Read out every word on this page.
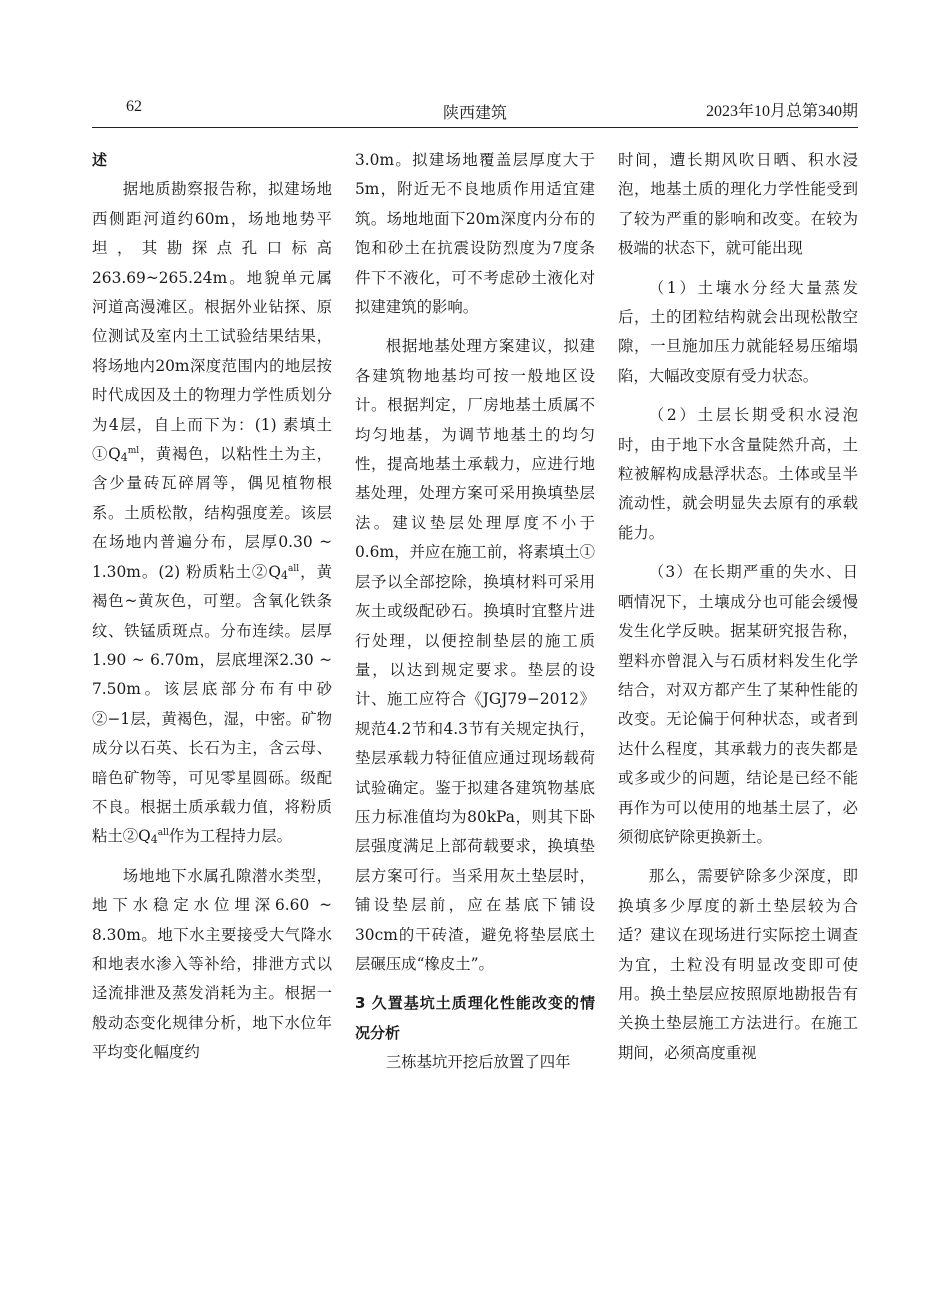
62	陕西建筑	2023年10月总第340期

述

据地质勘察报告称，拟建场地西侧距河道约60m，场地地势平坦，其勘探点孔口标高263.69~265.24m。地貌单元属河道高漫滩区。根据外业钻探、原位测试及室内土工试验结果结果，将场地内20m深度范围内的地层按时代成因及土的物理力学性质划分为4层，自上而下为：(1) 素填土$①Q_4^{ml}$，黄褐色，以粘性土为主，含少量砖瓦碎屑等，偶见植物根系。土质松散，结构强度差。该层在场地内普遍分布，层厚0.30 ~ 1.30m。(2) 粉质粘土$②Q_4^{all}$，黄褐色~黄灰色，可塑。含氧化铁条纹、铁锰质斑点。分布连续。层厚1.90 ~ 6.70m，层底埋深2.30 ~ 7.50m。该层底部分布有中砂②−1层，黄褐色，湿，中密。矿物成分以石英、长石为主，含云母、暗色矿物等，可见零星圆砾。级配不良。根据土质承载力值，将粉质粘土$②Q_4^{all}$作为工程持力层。

场地地下水属孔隙潜水类型，地下水稳定水位埋深6.60 ~ 8.30m。地下水主要接受大气降水和地表水渗入等补给，排泄方式以迳流排泄及蒸发消耗为主。根据一般动态变化规律分析，地下水位年平均变化幅度约

3.0m。拟建场地覆盖层厚度大于5m，附近无不良地质作用适宜建筑。场地地面下20m深度内分布的饱和砂土在抗震设防烈度为7度条件下不液化，可不考虑砂土液化对拟建建筑的影响。

根据地基处理方案建议，拟建各建筑物地基均可按一般地区设计。根据判定，厂房地基土质属不均匀地基，为调节地基土的均匀性，提高地基土承载力，应进行地基处理，处理方案可采用换填垫层法。建议垫层处理厚度不小于0.6m，并应在施工前，将素填土①层予以全部挖除，换填材料可采用灰土或级配砂石。换填时宜整片进行处理，以便控制垫层的施工质量，以达到规定要求。垫层的设计、施工应符合《JGJ79−2012》规范4.2节和4.3节有关规定执行，垫层承载力特征值应通过现场载荷试验确定。鉴于拟建各建筑物基底压力标准值均为80kPa，则其下卧层强度满足上部荷载要求，换填垫层方案可行。当采用灰土垫层时，铺设垫层前，应在基底下铺设30cm的干砖渣，避免将垫层底土层碾压成“橡皮土”。

3 久置基坑土质理化性能改变的情况分析

三栋基坑开挖后放置了四年

时间，遭长期风吹日晒、积水浸泡，地基土质的理化力学性能受到了较为严重的影响和改变。在较为极端的状态下，就可能出现

（1）土壤水分经大量蒸发后，土的团粒结构就会出现松散空隙，一旦施加压力就能轻易压缩塌陷，大幅改变原有受力状态。

（2）土层长期受积水浸泡时，由于地下水含量陡然升高，土粒被解构成悬浮状态。土体或呈半流动性，就会明显失去原有的承载能力。

（3）在长期严重的失水、日晒情况下，土壤成分也可能会缓慢发生化学反映。据某研究报告称，塑料亦曾混入与石质材料发生化学结合，对双方都产生了某种性能的改变。无论偏于何种状态，或者到达什么程度，其承载力的丧失都是或多或少的问题，结论是已经不能再作为可以使用的地基土层了，必须彻底铲除更换新土。

那么，需要铲除多少深度，即换填多少厚度的新土垫层较为合适？建议在现场进行实际挖土调查为宜，土粒没有明显改变即可使用。换土垫层应按照原地勘报告有关换土垫层施工方法进行。在施工期间，必须高度重视
